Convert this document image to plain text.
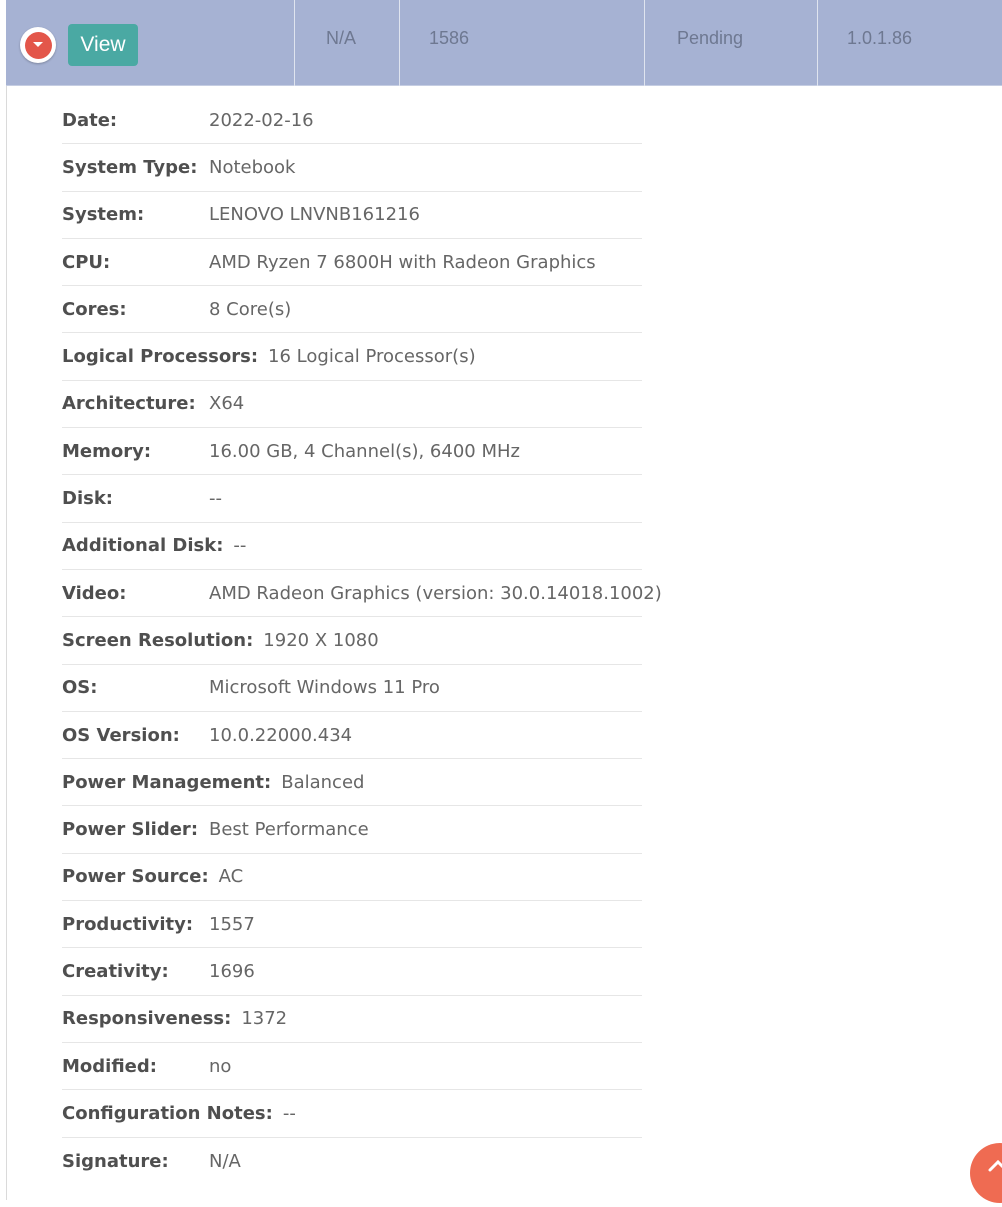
View	N/A	1586	Pending	1.0.1.86
Date:	2022-02-16
System Type: Notebook
System:	LENOVO LNVNB161216
CPU:	AMD Ryzen 7 6800H with Radeon Graphics
Cores:	8 Core(s)
Logical Processors: 16 Logical Processor(s)
Architecture: X64
Memory:	16.00 GB, 4 Channel(s), 6400 MHz
Disk:	--
Additional Disk: --
Video:	AMD Radeon Graphics (version: 30.0.14018.1002)
Screen Resolution: 1920 X 1080
OS:	Microsoft Windows 11 Pro
OS Version:	10.0.22000.434
Power Management: Balanced
Power Slider: Best Performance
Power Source: AC
Productivity: 1557
Creativity:	1696
Responsiveness: 1372
Modified:	no
Configuration Notes: --
Signature:	N/A
